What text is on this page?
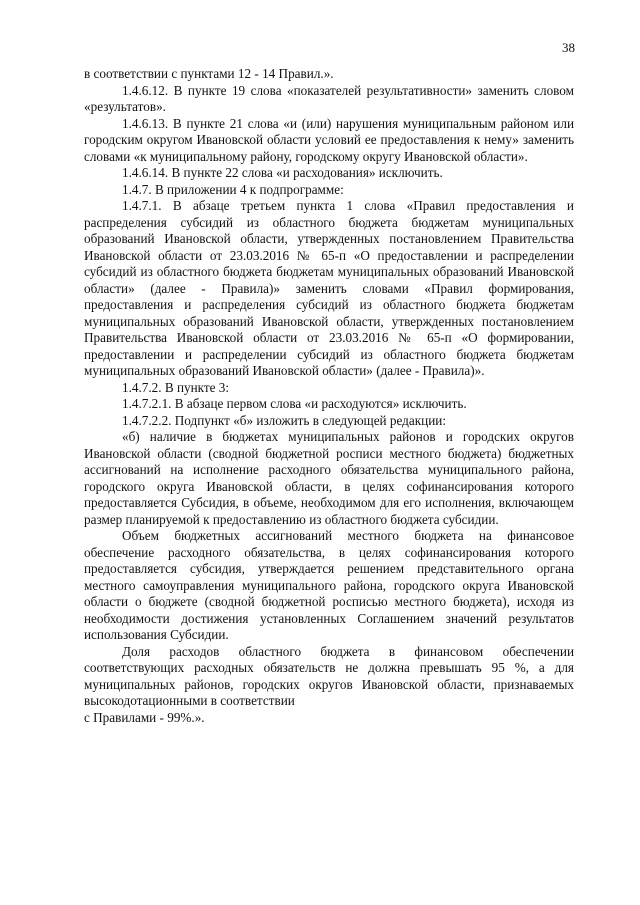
38

в соответствии с пунктами 12 - 14 Правил.».

1.4.6.12. В пункте 19 слова «показателей результативности» заменить словом «результатов».

1.4.6.13. В пункте 21 слова «и (или) нарушения муниципальным районом или городским округом Ивановской области условий ее предоставления к нему» заменить словами «к муниципальному району, городскому округу Ивановской области».

1.4.6.14. В пункте 22 слова «и расходования» исключить.

1.4.7. В приложении 4 к подпрограмме:

1.4.7.1. В абзаце третьем пункта 1 слова «Правил предоставления и распределения субсидий из областного бюджета бюджетам муниципальных образований Ивановской области, утвержденных постановлением Правительства Ивановской области от 23.03.2016 № 65-п «О предоставлении и распределении субсидий из областного бюджета бюджетам муниципальных образований Ивановской области» (далее - Правила)» заменить словами «Правил формирования, предоставления и распределения субсидий из областного бюджета бюджетам муниципальных образований Ивановской области, утвержденных постановлением Правительства Ивановской области от 23.03.2016 № 65-п «О формировании, предоставлении и распределении субсидий из областного бюджета бюджетам муниципальных образований Ивановской области» (далее - Правила)».

1.4.7.2. В пункте 3:

1.4.7.2.1. В абзаце первом слова «и расходуются» исключить.

1.4.7.2.2. Подпункт «б» изложить в следующей редакции:

«б) наличие в бюджетах муниципальных районов и городских округов Ивановской области (сводной бюджетной росписи местного бюджета) бюджетных ассигнований на исполнение расходного обязательства муниципального района, городского округа Ивановской области, в целях софинансирования которого предоставляется Субсидия, в объеме, необходимом для его исполнения, включающем размер планируемой к предоставлению из областного бюджета субсидии.

Объем бюджетных ассигнований местного бюджета на финансовое обеспечение расходного обязательства, в целях софинансирования которого предоставляется субсидия, утверждается решением представительного органа местного самоуправления муниципального района, городского округа Ивановской области о бюджете (сводной бюджетной росписью местного бюджета), исходя из необходимости достижения установленных Соглашением значений результатов использования Субсидии.

Доля расходов областного бюджета в финансовом обеспечении соответствующих расходных обязательств не должна превышать 95 %, а для муниципальных районов, городских округов Ивановской области, признаваемых высокодотационными в соответствии

с Правилами - 99%.».
